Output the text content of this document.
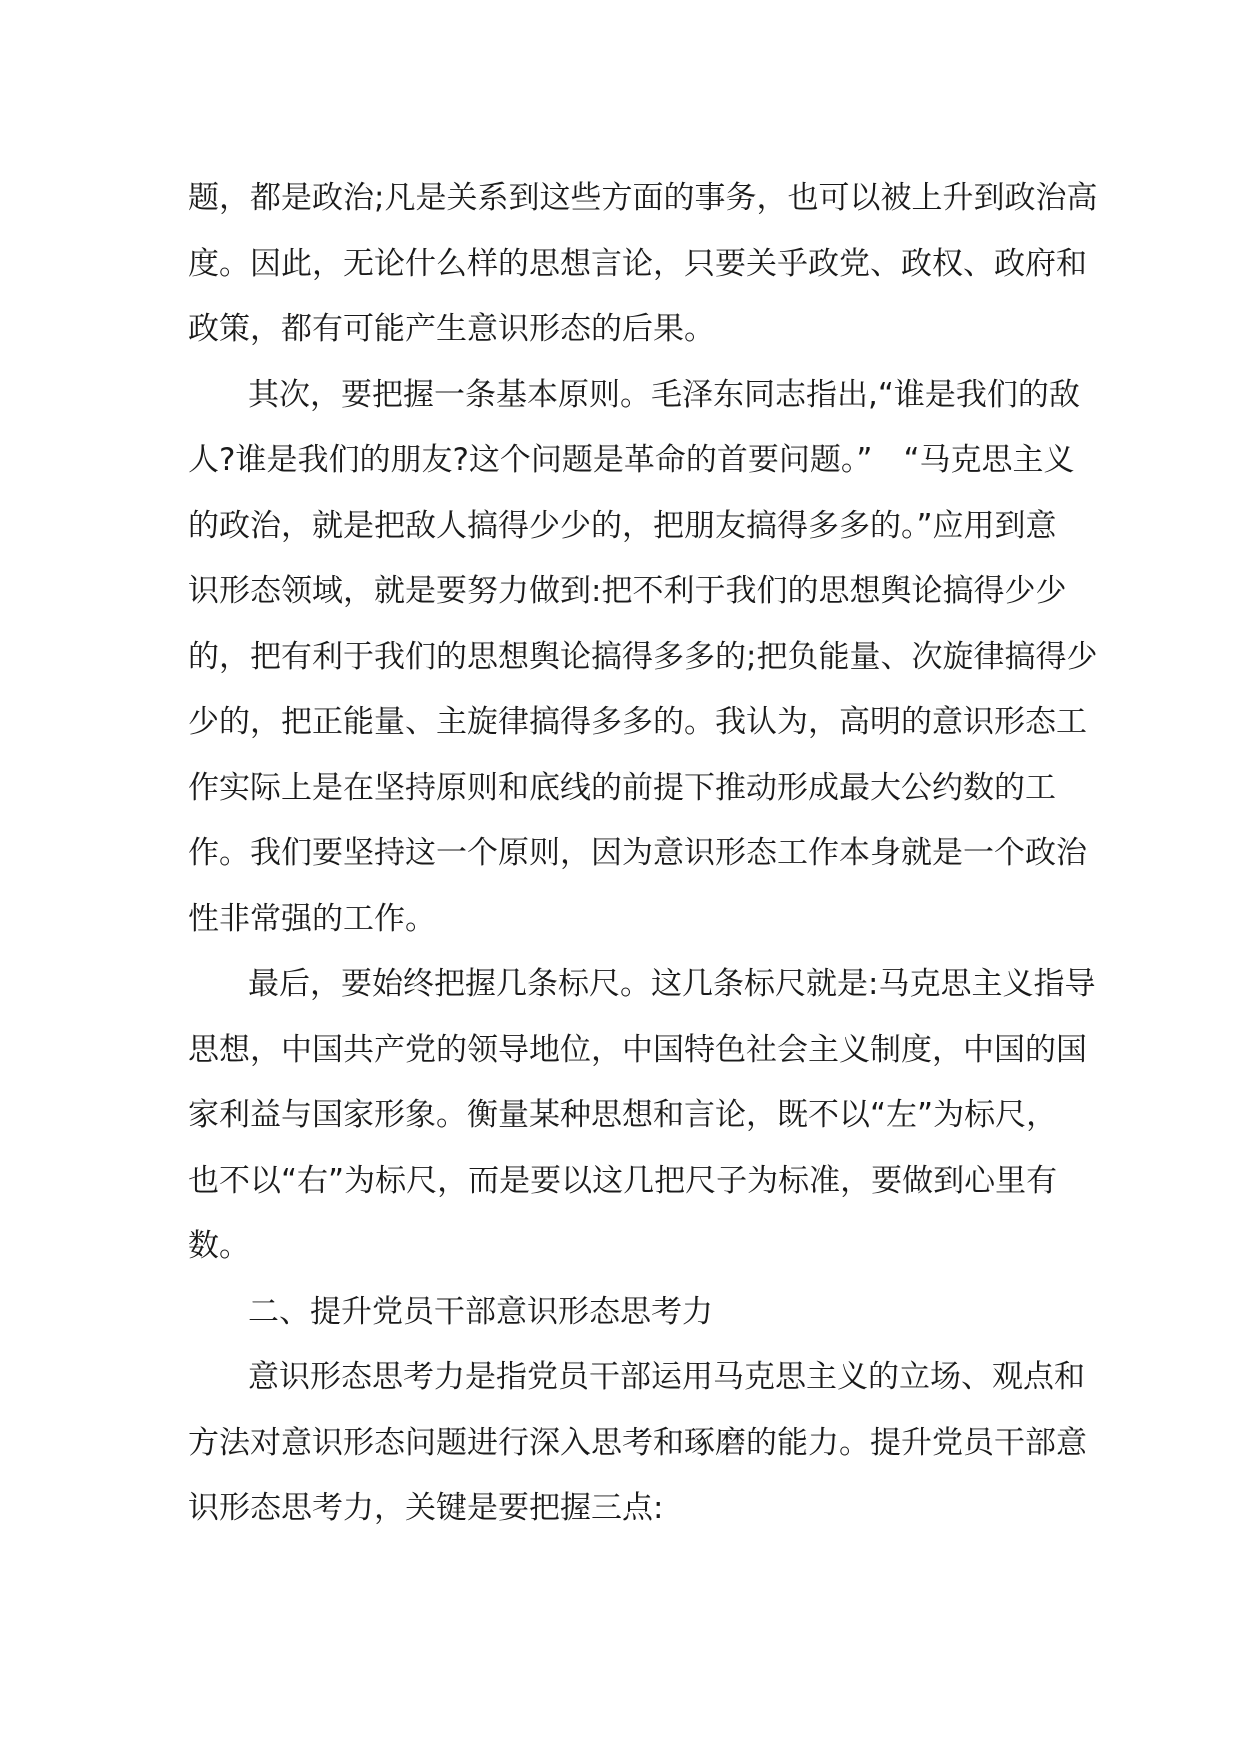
题，都是政治;凡是关系到这些方面的事务，也可以被上升到政治高
度。因此，无论什么样的思想言论，只要关乎政党、政权、政府和
政策，都有可能产生意识形态的后果。
其次，要把握一条基本原则。毛泽东同志指出,“谁是我们的敌
人?谁是我们的朋友?这个问题是革命的首要问题。”　“马克思主义
的政治，就是把敌人搞得少少的，把朋友搞得多多的。”应用到意
识形态领域，就是要努力做到:把不利于我们的思想舆论搞得少少
的，把有利于我们的思想舆论搞得多多的;把负能量、次旋律搞得少
少的，把正能量、主旋律搞得多多的。我认为，高明的意识形态工
作实际上是在坚持原则和底线的前提下推动形成最大公约数的工
作。我们要坚持这一个原则，因为意识形态工作本身就是一个政治
性非常强的工作。
最后，要始终把握几条标尺。这几条标尺就是:马克思主义指导
思想，中国共产党的领导地位，中国特色社会主义制度，中国的国
家利益与国家形象。衡量某种思想和言论，既不以“左”为标尺，
也不以“右”为标尺，而是要以这几把尺子为标准，要做到心里有
数。
二、提升党员干部意识形态思考力
意识形态思考力是指党员干部运用马克思主义的立场、观点和
方法对意识形态问题进行深入思考和琢磨的能力。提升党员干部意
识形态思考力，关键是要把握三点:
